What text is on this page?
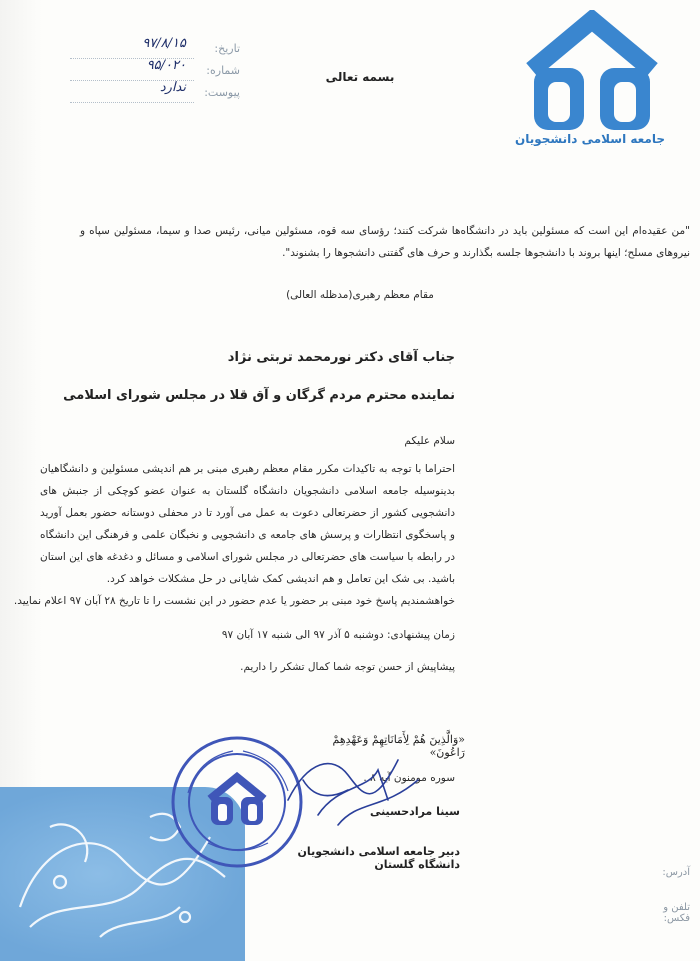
جامعه اسلامی دانشجویان
تاریخ:
۹۷/۸/۱۵
شماره:
۹۵/۰۲۰
پیوست:
ندارد
بسمه تعالی
"من عقیده‌ام این است که مسئولین باید در دانشگاه‌ها شرکت کنند؛ رؤسای سه قوه، مسئولین میانی، رئیس صدا و سیما، مسئولین سپاه و نیروهای مسلح؛ اینها بروند با دانشجوها جلسه بگذارند و حرف های گفتنی دانشجوها را بشنوند".
مقام معظم رهبری(مدظله العالی)
جناب آقای دکتر نورمحمد تربتی نژاد
نماینده محترم مردم گرگان و آق قلا در مجلس شورای اسلامی
سلام علیکم
احتراما با توجه به تاکیدات مکرر مقام معظم رهبری مبنی بر هم اندیشی مسئولین و دانشگاهیان بدینوسیله جامعه اسلامی دانشجویان دانشگاه گلستان به عنوان عضو کوچکی از جنبش های دانشجویی کشور از حضرتعالی دعوت به عمل می آورد تا در محفلی دوستانه حضور بعمل آورید و پاسخگوی انتظارات و پرسش های جامعه ی دانشجویی و نخبگان علمی و فرهنگی این دانشگاه در رابطه با سیاست های حضرتعالی در مجلس شورای اسلامی و مسائل و دغدغه های این استان باشید. بی شک این تعامل و هم اندیشی کمک شایانی در حل مشکلات خواهد کرد.
خواهشمندیم پاسخ خود مبنی بر حضور یا عدم حضور در این نشست را تا تاریخ ۲۸ آبان ۹۷ اعلام نمایید.
زمان پیشنهادی: دوشنبه ۵ آذر ۹۷ الی شنبه ۱۷ آبان ۹۷
پیشاپیش از حسن توجه شما کمال تشکر را داریم.
«وَالَّذِينَ هُمْ لِأَمَانَاتِهِمْ وَعَهْدِهِمْ رَاعُونَ»
سوره مومنون آیه ۸ .
سینا مرادحسینی
دبیر جامعه اسلامی دانشجویان دانشگاه گلستان
آدرس:
تلفن و فکس:
